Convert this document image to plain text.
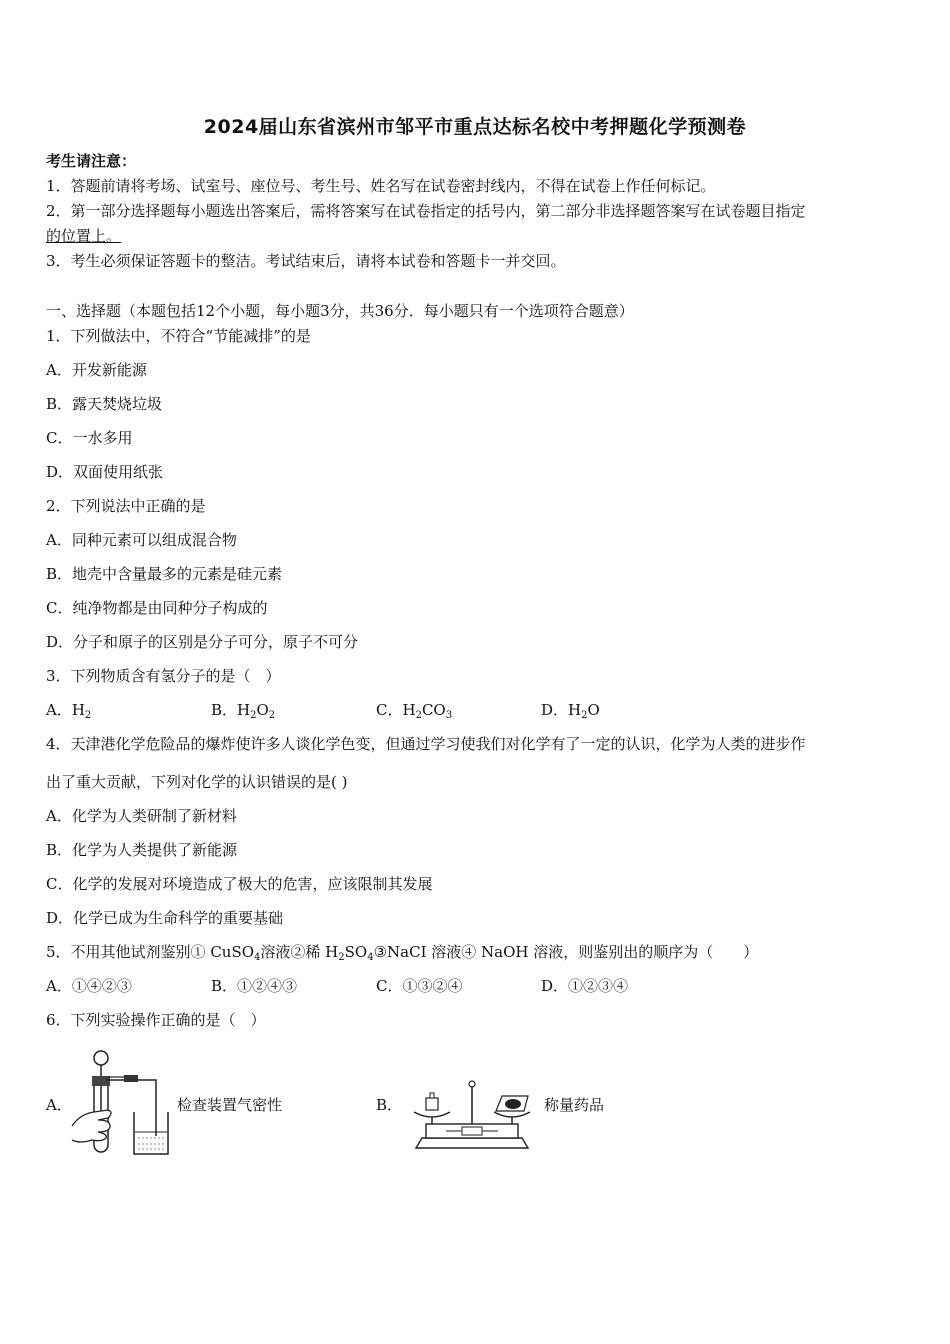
2024届山东省滨州市邹平市重点达标名校中考押题化学预测卷
考生请注意：
1．答题前请将考场、试室号、座位号、考生号、姓名写在试卷密封线内，不得在试卷上作任何标记。
2．第一部分选择题每小题选出答案后，需将答案写在试卷指定的括号内，第二部分非选择题答案写在试卷题目指定
的位置上。
3．考生必须保证答题卡的整洁。考试结束后，请将本试卷和答题卡一并交回。
一、选择题（本题包括12个小题，每小题3分，共36分．每小题只有一个选项符合题意）
1．下列做法中，不符合“节能减排”的是
A．开发新能源
B．露天焚烧垃圾
C．一水多用
D．双面使用纸张
2．下列说法中正确的是
A．同种元素可以组成混合物
B．地壳中含量最多的元素是硅元素
C．纯净物都是由同种分子构成的
D．分子和原子的区别是分子可分，原子不可分
3．下列物质含有氢分子的是（　）
A．$H_2$	B．$H_2O_2$	C．$H_2CO_3$	D．$H_2O$
4．天津港化学危险品的爆炸使许多人谈化学色变，但通过学习使我们对化学有了一定的认识，化学为人类的进步作
出了重大贡献，下列对化学的认识错误的是( )
A．化学为人类研制了新材料
B．化学为人类提供了新能源
C．化学的发展对环境造成了极大的危害，应该限制其发展
D．化学已成为生命科学的重要基础
5．不用其他试剂鉴别① CuSO$_4$溶液②稀 $H_2SO_4③NaCI$ 溶液④ NaOH 溶液，则鉴别出的顺序为（　　）
A．①④②③	B．①②④③	C．①③②④	D．①②③④
6．下列实验操作正确的是（　）
A．	检查装置气密性	B．	称量药品
